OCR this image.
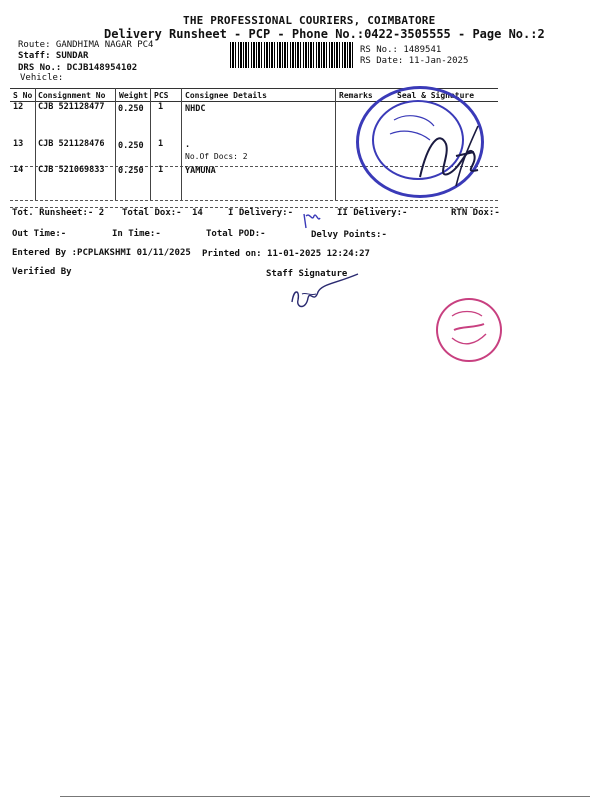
THE PROFESSIONAL COURIERS, COIMBATORE
Delivery Runsheet - PCP - Phone No.:0422-3505555 - Page No.:2
Route: GANDHIMA NAGAR PC4
Staff: SUNDAR
DRS No.: DCJB148954102
Vehicle:
RS No.: 1489541
RS Date: 11-Jan-2025
S No Consignment No Weight PCS Consignee Details	Remarks	Seal & Signature
12 CJB 521128477 0.250 1	NHDC
13 CJB 521128476 0.250 1	.
No.Of Docs: 2
14 CJB 521069833 0.250 1	YAMUNA
Tot. Runsheet:- 2 Total Dox:- 14	I Delivery:-	II Delivery:-	RTN Dox:-
Out Time:-	In Time:-	Total POD:-	Delvy Points:-
Entered By :PCPLAKSHMI 01/11/2025 Printed on: 11-01-2025 12:24:27
Verified By	Staff Signature
